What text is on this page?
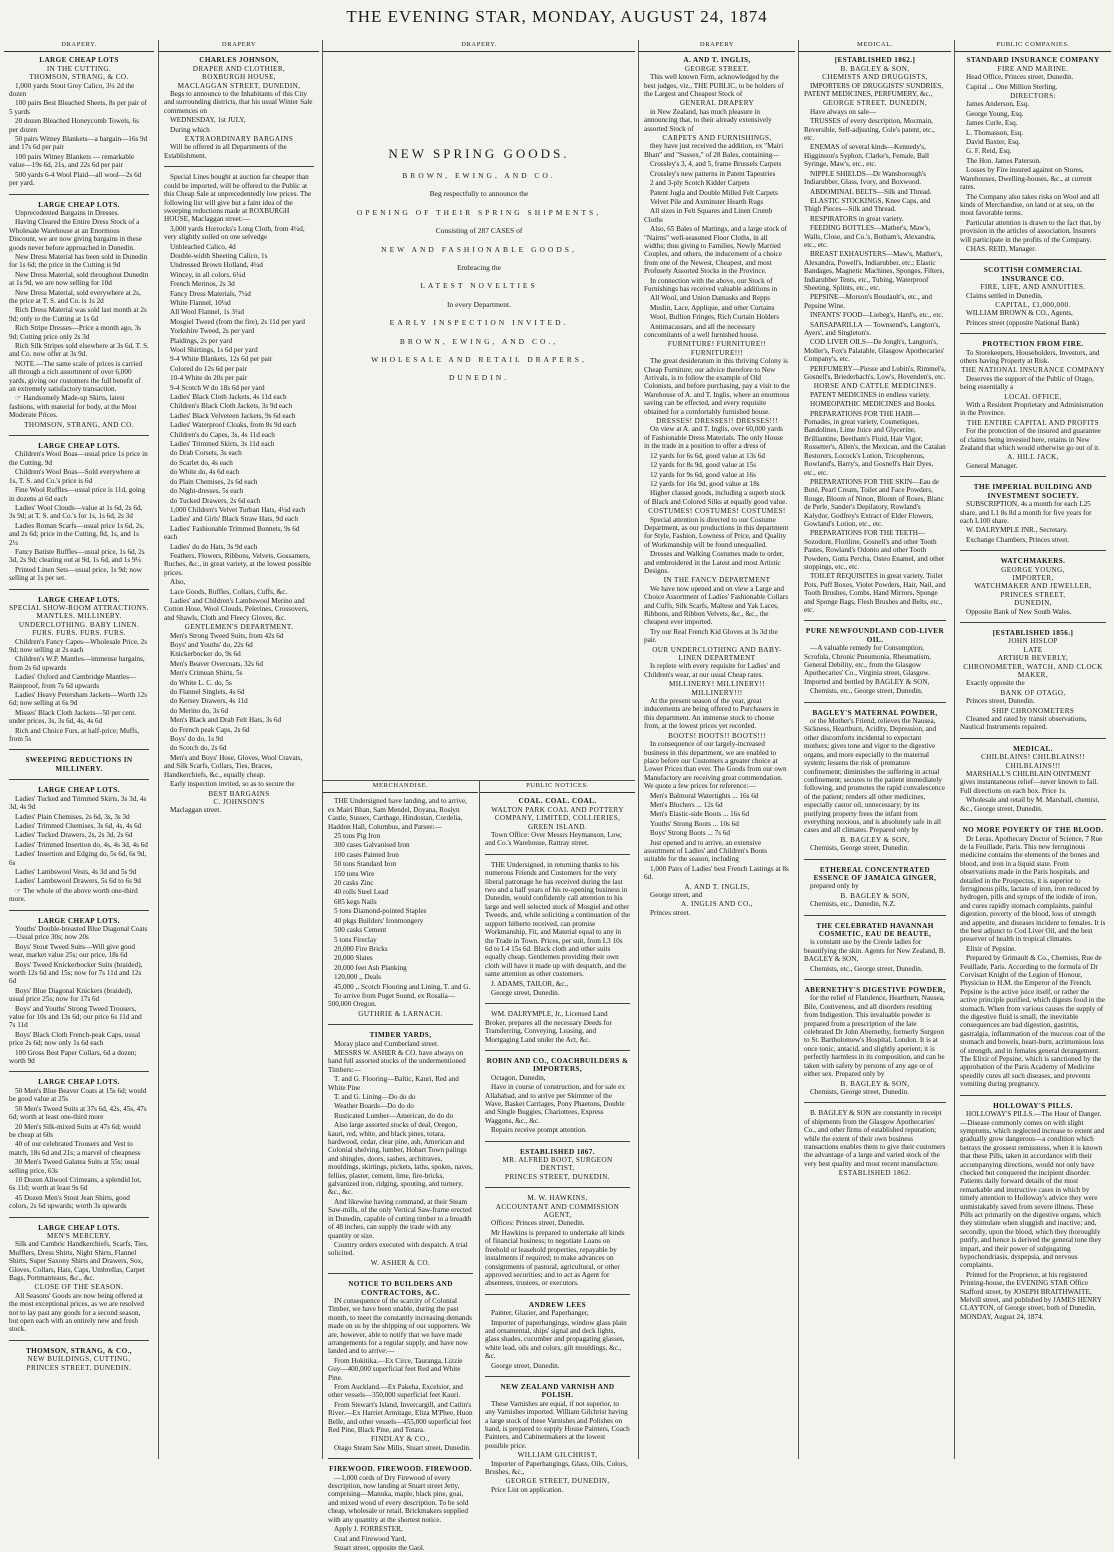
THE EVENING STAR, MONDAY, AUGUST 24, 1874
DRAPERY.
LARGE CHEAP LOTS
IN THE CUTTING.
THOMSON, STRANG, & CO.
1,000 yards Stout Grey Calico, 3¼ 2d the dozen
100 pairs Best Bleached Sheets, 8s per pair of 5 yards
20 dozen Bleached Honeycomb Towels, 6s per dozen
50 pairs Witney Blankets—a bargain—16s 9d and 17s 6d per pair
100 pairs Witney Blankets — remarkable value—19s 6d, 21s, and 22s 6d per pair
500 yards 6-4 Wool Plaid—all wool—2s 6d per yard.
LARGE CHEAP LOTS.
Unprecedented Bargains in Dresses.
Having Cleared the Entire Dress Stock of a Wholesale Warehouse at an Enormous Discount, we are now giving bargains in these goods never before approached in Dunedin.
New Dress Material has been sold in Dunedin for 1s 6d; the price in the Cutting is 9d
New Dress Material, sold throughout Dunedin at 1s 9d, we are now selling for 10d
New Dress Material, sold everywhere at 2s, the price at T. S. and Co. is 1s 2d
Rich Dress Material was sold last month at 2s 9d; only to the Cutting at 1s 6d
Rich Stripe Dresses—Price a month ago, 3s 9d; Cutting price only 2s 3d
Rich Silk Stripes sold elsewhere at 3s 6d, T. S. and Co. now offer at 3s 9d.
NOTE.—The same scale of prices is carried all through a rich assortment of over 6,000 yards, giving our customers the full benefit of an extremely satisfactory transaction.
☞ Handsomely Made-up Skirts, latest fashions, with material for body, at the Most Moderate Prices.
THOMSON, STRANG, AND CO.
LARGE CHEAP LOTS.
Children's Wool Boas—usual price 1s price in the Cutting, 9d
Children's Wool Boas—Sold everywhere at 1s, T. S. and Co.'s price is 6d
Fine Wool Ruffles—usual price is 11d, going in dozens at 6d each
Ladies' Wool Clouds—value at 1s 6d, 2s 6d, 3s 9d; at T. S. and Co.'s for 1s, 1s 6d, 2s 3d
Ladies Roman Scarfs—usual price 1s 6d, 2s, and 2s 6d; price in the Cutting, 8d, 1s, and 1s 2¼
Fancy Batiste Ruffles—usual price, 1s 6d, 2s 3d, 2s 9d; clearing out at 9d, 1s 6d, and 1s 9¼
Printed Linen Sets—usual price, 1s 9d; now selling at 1s per set.
LARGE CHEAP LOTS.
SPECIAL SHOW-ROOM ATTRACTIONS.
MANTLES. MILLINERY.
UNDERCLOTHING. BABY LINEN.
FURS. FURS. FURS. FURS.
Children's Fancy Capes—Wholesale Price, 2s 9d; now selling at 2s each
Children's W.P. Mantles—immense bargains, from 2s 6d upwards
Ladies' Oxford and Cambridge Mantles—Rainproof, from 7s 6d upwards
Ladies' Heavy Petersham Jackets—Worth 12s 6d; now selling at 6s 9d
Misses' Black Cloth Jackets—50 per cent. under prices, 3s, 3s 6d, 4s, 4s 6d
Rich and Choice Furs, at half-price; Muffs, from 5s
SWEEPING REDUCTIONS IN MILLINERY.
LARGE CHEAP LOTS.
Ladies' Tucked and Trimmed Skirts, 3s 3d, 4s 3d, 4s 9d
Ladies' Plain Chemises, 2s 6d, 3s, 3s 3d
Ladies' Trimmed Chemises, 3s 6d, 4s, 4s 6d
Ladies' Tucked Drawers, 2s, 2s 3d, 2s 6d
Ladies' Trimmed Insertion do, 4s, 4s 3d, 4s 6d
Ladies' Insertion and Edging do, 5s 6d, 6s 9d, 6s
Ladies' Lambswool Vests, 4s 3d and 5s 9d
Ladies' Lambswool Drawers, 5s 6d to 6s 9d
☞ The whole of the above worth one-third more.
LARGE CHEAP LOTS.
Youths' Double-breasted Blue Diagonal Coats—Usual price 30s; now 20s
Boys' Stout Tweed Suits—Will give good wear, market value 25s; our price, 18s 6d
Boys' Tweed Knickerbocker Suits (braided), worth 12s 6d and 15s; now for 7s 11d and 12s 6d
Boys' Blue Diagonal Knickers (braided), usual price 25s; now for 17s 6d
Boys' and Youths' Strong Tweed Trousers, value for 10s and 13s 6d; our price 6s 11d and 7s 11d
Boys' Black Cloth French-peak Caps, usual price 2s 6d; now only 1s 6d each
100 Gross Best Paper Collars, 6d a dozen; worth 9d
LARGE CHEAP LOTS.
50 Men's Blue Beaver Coats at 15s 6d; would be good value at 25s
50 Men's Tweed Suits at 37s 6d, 42s, 45s, 47s 6d; worth at least one-third more
20 Men's Silk-mixed Suits at 47s 6d; would be cheap at 60s
40 of our celebrated Trousers and Vest to match, 18s 6d and 21s; a marvel of cheapness
30 Men's Tweed Galatea Suits at 55s; usual selling price, 63s
10 Dozen Allwool Crimeans, a splendid lot, 6s 11d; worth at least 9s 6d
45 Dozen Men's Stout Jean Shirts, good colors, 2s 6d upwards; worth 3s upwards
LARGE CHEAP LOTS.
MEN'S MERCERY.
Silk and Cambric Handkerchiefs, Scarfs, Ties, Mufflers, Dress Shirts, Night Shirts, Flannel Shirts, Super Saxony Shirts and Drawers, Sox, Gloves, Collars, Hats, Caps, Umbrellas, Carpet Bags, Portmanteaus, &c., &c.
CLOSE OF THE SEASON.
All Seasons' Goods are now being offered at the most exceptional prices, as we are resolved not to lay past any goods for a second season, but open each with an entirely new and fresh stock.
THOMSON, STRANG, & CO.,
NEW BUILDINGS, CUTTING,
PRINCES STREET, DUNEDIN.
DRAPERY
CHARLES JOHNSON,
DRAPER AND CLOTHIER,
ROXBURGH HOUSE,
MACLAGGAN STREET, DUNEDIN,
Begs to announce to the Inhabitants of this City and surrounding districts, that his usual Winter Sale commences on
WEDNESDAY, 1st JULY,
During which
EXTRAORDINARY BARGAINS
Will be offered in all Departments of the Establishment.
Special Lines bought at auction far cheaper than could be imported, will be offered to the Public at this Cheap Sale at unprecedentedly low prices. The following list will give but a faint idea of the sweeping reductions made at ROXBURGH HOUSE, Maclaggan street:—
3,000 yards Horrocks's Long Cloth, from 4¼d, very slightly soiled on one selvedge
Unbleached Calico, 4d
Double-width Sheeting Calico, 1s
Undressed Brown Holland, 4¼d
Wincey, in all colors, 6¼d
French Merinos, 2s 3d
Fancy Dress Materials, 7¼d
White Flannel, 10¼d
All Wool Flannel, 1s 3¼d
Mosgiel Tweed (from the fire), 2s 11d per yard
Yorkshire Tweed, 2s per yard
Plaidings, 2s per yard
Wool Shirtings, 1s 6d per yard
9-4 White Blankets, 12s 6d per pair
Colored do 12s 6d per pair
10-4 White do 20s per pair
9-4 Scotch W do 18s 6d per yard
Ladies' Black Cloth Jackets, 4s 11d each
Children's Black Cloth Jackets, 3s 9d each
Ladies' Black Velveteen Jackets, 9s 6d each
Ladies' Waterproof Cloaks, from 8s 9d each
Children's do Capes, 3s, 4s 11d each
Ladies' Trimmed Skirts, 3s 11d each
do Drab Corsets, 3s each
do Scarlet do, 4s each
do White do, 4s 6d each
do Plain Chemises, 2s 6d each
do Night-dresses, 5s each
do Tucked Drawers, 2s 6d each
1,000 Children's Velvet Turban Hats, 4¼d each
Ladies' and Girls' Black Straw Hats, 9d each
Ladies' Fashionable Trimmed Bonnets, 9s 6d each
Ladies' do do Hats, 3s 9d each
Feathers, Flowers, Ribbons, Velvets, Gossamers, Ruches, &c., in great variety, at the lowest possible prices.
Also,
Lace Goods, Ruffles, Collars, Cuffs, &c.
Ladies' and Children's Lambswool Merino and Cotton Hose, Wool Clouds, Pelerines, Crossovers, and Shawls, Cloth and Fleecy Gloves, &c.
GENTLEMEN'S DEPARTMENT.
Men's Strong Tweed Suits, from 42s 6d
Boys' and Youths' do, 22s 6d
Knickerbocker do, 9s 6d
Men's Beaver Overcoats, 32s 6d
Men's Crimean Shirts, 5s
do White L. C. do, 5s
do Flannel Singlets, 4s 6d
do Kersey Drawers, 4s 11d
do Merino do, 3s 6d
Men's Black and Drab Felt Hats, 3s 6d
do French peak Caps, 2s 6d
Boys' do do, 1s 9d
do Scotch do, 2s 6d
Men's and Boys' Hose, Gloves, Wool Cravats, and Silk Scarfs, Collars, Ties, Braces, Handkerchiefs, &c., equally cheap.
Early inspection invited, so as to secure the
BEST BARGAINS
C. JOHNSON'S
Maclaggan street.
DRAPERY.
NEW SPRING GOODS.
BROWN, EWING, AND CO.
Beg respectfully to announce the
OPENING OF THEIR SPRING SHIPMENTS,
Consisting of 287 CASES of
NEW AND FASHIONABLE GOODS,
Embracing the
LATEST NOVELTIES
In every Department.
EARLY INSPECTION INVITED.
BROWN, EWING, AND CO.,
WHOLESALE AND RETAIL DRAPERS,
DUNEDIN.
MERCHANDISE.
THE Undersigned have landing, and to arrive, ex Mairi Bhan, Sam Mendel, Doyana, Roslyn Castle, Sussex, Carthage, Hindostan, Cordelia, Haddon Hall, Columbus, and Parsee:—
25 tons Pig Iron
300 cases Galvanised Iron
100 cases Painted Iron
50 tons Standard Iron
150 tons Wire
20 casks Zinc
40 rolls Steel Lead
685 kegs Nails
5 tons Diamond-pointed Staples
40 pkgs Builders' Ironmongery
500 casks Cement
5 tons Fireclay
20,000 Fire Bricks
20,000 Slates
20,000 feet Ash Planking
120,000 ,, Deals
45,000 ,, Scotch Flooring and Lining, T. and G.
To arrive from Puget Sound, ex Rosalia—500,000 Oregon.
GUTHRIE & LARNACH.
TIMBER YARDS,
Moray place and Cumberland street.
MESSRS W. ASHER & CO. have always on hand full assorted stocks of the undermentioned Timbers:—
T. and G. Flooring—Baltic, Kauri, Red and White Pine
T. and G. Lining—Do do do
Weather Boards—Do do do
Rusticated Lumber—American, do do do
Also large assorted stocks of deal, Oregon, kauri, red, white, and black pines, totara, hardwood, cedar, clear pine, ash, American and Colonial shelving, lumber, Hobart Town palings and shingles, doors, sashes, architraves, mouldings, skirtings, pickets, laths, spokes, naves, fellies, plaster, cement, lime, fire-bricks, galvanized iron, ridging, spouting, and turnery, &c., &c.
And likewise having command, at their Steam Saw-mills, of the only Vertical Saw-frame erected in Dunedin, capable of cutting timber to a breadth of 48 inches, can supply the trade with any quantity or size.
Country orders executed with despatch. A trial solicited.
W. ASHER & CO.
NOTICE TO BUILDERS AND CONTRACTORS, &C.
IN consequence of the scarcity of Colonial Timber, we have been unable, during the past month, to meet the constantly increasing demands made on us by the shipping of our supporters. We are, however, able to notify that we have made arrangements for a regular supply, and have now landed and to arrive:—
From Hokitika.—Ex Circe, Tauranga, Lizzie Guy—400,000 superficial feet Red and White Pine.
From Auckland.—Ex Pakeha, Excelsior, and other vessels—350,000 superficial feet Kauri.
From Stewart's Island, Invercargill, and Catlin's River.—Ex Harriet Armitage, Eliza M'Phee, Huon Belle, and other vessels—455,000 superficial feet Red Pine, Black Pine, and Totara.
FINDLAY & CO.,
Otago Steam Saw Mills, Stuart street, Dunedin.
FIREWOOD. FIREWOOD. FIREWOOD.
—1,000 cords of Dry Firewood of every description, now landing at Stuart street Jetty, comprising—Manuka, maple, black pine, goai, and mixed wood of every description. To be sold cheap, wholesale or retail. Brickmakers supplied with any quantity at the shortest notice.
Apply J. FORRESTER,
Coal and Firewood Yard,
Stuart street, opposite the Gaol.
PUBLIC NOTICES.
COAL. COAL. COAL.
WALTON PARK COAL AND POTTERY COMPANY, LIMITED, COLLIERIES,
GREEN ISLAND.
Town Office: Over Messrs Heymanson, Low, and Co.'s Warehouse, Rattray street.
THE Undersigned, in returning thanks to his numerous Friends and Customers for the very liberal patronage he has received during the last two and a half years of his re-opening business in Dunedin, would confidently call attention to his large and well selected stock of Mosgiel and other Tweeds, and, while soliciting a continuation of the support hitherto received, can promise Workmanship, Fit, and Material equal to any in the Trade in Town. Prices, per suit, from L3 10s 6d to L4 15s 6d. Black cloth and other suits equally cheap. Gentlemen providing their own cloth will have it made up with despatch, and the same attention as other customers.
J. ADAMS, TAILOR, &c.,
George street, Dunedin.
WM. DALRYMPLE, Jr., Licensed Land Broker, prepares all the necessary Deeds for Transferring, Conveying, Leasing, and Mortgaging Land under the Act, &c.
ROBIN AND CO., COACHBUILDERS & IMPORTERS,
Octagon, Dunedin,
Have in course of construction, and for sale ex Allahabad, and to arrive per Skimmer of the Wave, Basket Carriages, Pony Phaetons, Double and Single Buggies, Chariottees, Express Waggons, &c., &c.
Repairs receive prompt attention.
ESTABLISHED 1867.
MR. ALFRED BOOT, SURGEON DENTIST,
PRINCES STREET, DUNEDIN.
M. W. HAWKINS,
ACCOUNTANT AND COMMISSION AGENT,
Offices: Princes street, Dunedin.
Mr Hawkins is prepared to undertake all kinds of financial business; to negotiate Loans on freehold or leasehold properties, repayable by instalments if required; to make advances on consignments of pastoral, agricultural, or other approved securities; and to act as Agent for absentees, trustees, or executors.
ANDREW LEES
Painter, Glazier, and Paperhanger,
Importer of paperhangings, window glass plain and ornamental, ships' signal and deck lights, glass shades, cucumber and propagating glasses, white lead, oils and colors, gilt mouldings, &c., &c.
George street, Dunedin.
NEW ZEALAND VARNISH AND POLISH.
These Varnishes are equal, if not superior, to any Varnishes imported. William Gilchrist having a large stock of these Varnishes and Polishes on hand, is prepared to supply House Painters, Coach Painters, and Cabinetmakers at the lowest possible price.
WILLIAM GILCHRIST,
Importer of Paperhangings, Glass, Oils, Colors, Brushes, &c.,
GEORGE STREET, DUNEDIN,
Price List on application.
DRAPERY
A. AND T. INGLIS,
GEORGE STREET.
This well known Firm, acknowledged by the best judges, viz., THE PUBLIC, to be holders of the Largest and Cheapest Stock of
GENERAL DRAPERY
in New Zealand, has much pleasure in announcing that, to their already extensively assorted Stock of
CARPETS AND FURNISHINGS,
they have just received the addition, ex "Mairi Bhan" and "Sussex," of 28 Bales, containing—
Crossley's 3, 4, and 5, frame Brussels Carpets
Crossley's new patterns in Patent Tapestries
2 and 3-ply Scotch Kidder Carpets
Patent Jugla and Double Milled Felt Carpets
Velvet Pile and Axminster Hearth Rugs
All sizes in Felt Squares and Linen Crumb Cloths
Also, 65 Bales of Mattings, and a large stock of "Nairns" well-seasoned Floor Cloths, in all widths; thus giving to Families, Newly Married Couples, and others, the inducement of a choice from one of the Newest, Cheapest, and most Profusely Assorted Stocks in the Province.
In connection with the above, our Stock of Furnishings has received valuable additions in
All Wool, and Union Damasks and Repps
Muslin, Lace, Applique, and other Curtains
Wool, Bullion Fringes, Rich Curtain Holders
Antimacassars, and all the necessary concomitants of a well furnished house.
FURNITURE! FURNITURE!! FURNITURE!!!
The great desideratum in this thriving Colony is Cheap Furniture; our advice therefore to New Arrivals, is to follow the example of Old Colonists, and before purchasing, pay a visit to the Warehouse of A. and T. Inglis, where an enormous saving can be effected, and every requisite obtained for a comfortably furnished house.
DRESSES! DRESSES!! DRESSES!!!
On view at A. and T. Inglis, over 60,000 yards of Fashionable Dress Materials. The only House in the trade in a position to offer a dress of
12 yards for 6s 6d, good value at 13s 6d
12 yards for 8s 9d, good value at 15s
12 yards for 9s 6d, good value at 16s
12 yards for 16s 9d, good value at 18s
Higher classed goods, including a superb stock of Black and Colored Silks at equally good value.
COSTUMES! COSTUMES! COSTUMES!
Special attention is directed to our Costume Department, as our productions in this department for Style, Fashion, Lowness of Price, and Quality of Workmanship will be found unequalled.
Dresses and Walking Costumes made to order, and embroidered in the Latest and most Artistic Designs.
IN THE FANCY DEPARTMENT
We have now opened and on view a Large and Choice Assortment of Ladies' Fashionable Collars and Cuffs, Silk Scarfs, Maltese and Yak Laces, Ribbons, and Ribbon Velvets, &c., &c., the cheapest ever imported.
Try our Real French Kid Gloves at 3s 3d the pair.
OUR UNDERCLOTHING AND BABY-LINEN DEPARTMENT
Is replete with every requisite for Ladies' and Children's wear, at our usual Cheap rates.
MILLINERY! MILLINERY!! MILLINERY!!!
At the present season of the year, great inducements are being offered to Purchasers in this department. An immense stock to choose from, at the lowest prices yet recorded.
BOOTS! BOOTS!! BOOTS!!!
In consequence of our largely-increased business in this department, we are enabled to place before our Customers a greater choice at Lower Prices than ever. The Goods from our own Manufactory are receiving great commendation. We quote a few prices for reference:—
Men's Balmoral Watertights ... 16s 6d
Men's Bluchers ... 12s 6d
Men's Elastic-side Boots ... 16s 6d
Youths' Strong Boots ... 10s 6d
Boys' Strong Boots ... 7s 6d
Just opened and to arrive, an extensive assortment of Ladies' and Children's Boots suitable for the season, including
1,000 Pairs of Ladies' best French Lastings at 8s 6d.
A. AND T. INGLIS,
George street, and
A. INGLIS AND CO.,
Princes street.
MEDICAL.
[ESTABLISHED 1862.]
B. BAGLEY & SON,
CHEMISTS AND DRUGGISTS,
IMPORTERS OF DRUGGISTS' SUNDRIES, PATENT MEDICINES, PERFUMERY, &c.,
GEORGE STREET, DUNEDIN,
Have always on sale—
TRUSSES of every description, Mocmain, Reversible, Self-adjusting, Cole's patent, etc., etc.
ENEMAS of several kinds—Kennedy's, Higginson's Syphon, Clarke's, Female, Ball Syringe, Maw's, etc., etc.
NIPPLE SHIELDS—Dr Wansborough's Indiarubber, Glass, Ivory, and Boxwood.
ABDOMINAL BELTS—Silk and Thread.
ELASTIC STOCKINGS, Knee Caps, and Thigh Pieces—Silk and Thread.
RESPIRATORS in great variety.
FEEDING BOTTLES—Mather's, Maw's, Walls, Close, and Co.'s, Botham's, Alexandra, etc., etc.
BREAST EXHAUSTERS—Maw's, Mather's, Alexandra, Powell's, Indiarubber, etc.; Elastic Bandages, Magnetic Machines, Sponges, Filters, Indiarubber Tents, etc., Tubing, Waterproof Sheeting, Splints, etc., etc.
PEPSINE—Morson's Boudault's, etc., and Pepsine Wine.
INFANTS' FOOD—Liebeg's, Hard's, etc., etc.
SARSAPARILLA — Townsend's, Langton's, Ayers', and Singleton's.
COD LIVER OILS—De Jongh's, Langton's, Moller's, Fox's Palatable, Glasgow Apothecaries' Company's, etc.
PERFUMERY—Piesse and Lubin's, Rimmel's, Gosnell's, Briederbach's, Low's, Hovenden's, etc.
HORSE AND CATTLE MEDICINES.
PATENT MEDICINES in endless variety.
HOMEOPATHIC MEDICINES and Books.
PREPARATIONS FOR THE HAIR—Pomades, in great variety, Cosmetiques, Bandolines, Lime Juice and Glycerine, Brilliantine, Beetham's Fluid, Hair Vigor, Rossetter's, Allen's, the Mexican, and the Catalan Restorers, Locock's Lotion, Tricopherous, Rowland's, Barry's, and Gosnell's Hair Dyes, etc., etc.
PREPARATIONS FOR THE SKIN—Eau de Buté, Pearl Cream, Toilet and Face Powders, Rouge, Bloom of Ninon, Bloom of Roses, Blanc de Perle, Sander's Depilatory, Rowland's Kalydor, Godfrey's Extract of Elder Flowers, Gowland's Lotion, etc., etc.
PREPARATIONS FOR THE TEETH—Sozodont, Floriline, Gosnell's and other Tooth Pastes, Rowland's Odonto and other Tooth Powders, Gutta Percha, Osteo Enamel, and other stoppings, etc., etc.
TOILET REQUISITES in great variety. Toilet Pots, Puff Boxes, Violet Powders, Hair, Nail, and Tooth Brushes, Combs, Hand Mirrors, Sponge and Sponge Bags, Flesh Brushes and Belts, etc., etc.
PURE NEWFOUNDLAND COD-LIVER OIL.
—A valuable remedy for Consumption, Scrofula, Chronic Pneumonia, Rheumatism, General Debility, etc., from the Glasgow Apothecaries' Co., Virginia street, Glasgow. Imported and bottled by BAGLEY & SON,
Chemists, etc., George street, Dunedin.
BAGLEY'S MATERNAL POWDER,
or the Mother's Friend, relieves the Nausea, Sickness, Heartburn, Acidity, Depression, and other discomforts incidental to expectant mothers; gives tone and vigor to the digestive organs, and more especially to the maternal system; lessens the risk of premature confinement; diminishes the suffering in actual confinement; secures to the patient immediately following, and promotes the rapid convalescence of the patient; renders all other medicines, especially castor oil, unnecessary; by its purifying property frees the infant from everything noxious, and is absolutely safe in all cases and all climates. Prepared only by
B. BAGLEY & SON,
Chemists, George street, Dunedin.
ETHEREAL CONCENTRATED ESSENCE OF JAMAICA GINGER,
prepared only by
B. BAGLEY & SON,
Chemists, etc., Dunedin, N.Z.
THE CELEBRATED HAVANNAH COSMETIC, EAU DE BEAUTE,
is constant use by the Creole ladies for beautifying the skin. Agents for New Zealand, B. BAGLEY & SON,
Chemists, etc., George street, Dunedin.
ABERNETHY'S DIGESTIVE POWDER,
for the relief of Flatulence, Heartburn, Nausea, Bile, Costiveness, and all disorders resulting from Indigestion. This invaluable powder is prepared from a prescription of the late celebrated Dr John Abernethy, formerly Surgeon to St. Bartholomew's Hospital, London. It is at once tonic, antacid, and slightly aperient; it is perfectly harmless in its composition, and can be taken with safety by persons of any age or of either sex. Prepared only by
B. BAGLEY & SON,
Chemists, George street, Dunedin.
B. BAGLEY & SON are constantly in receipt of shipments from the Glasgow Apothecaries' Co., and other firms of established reputation; while the extent of their own business transactions enables them to give their customers the advantage of a large and varied stock of the very best quality and most recent manufacture.
ESTABLISHED 1862.
PUBLIC COMPANIES.
STANDARD INSURANCE COMPANY
FIRE AND MARINE.
Head Office, Princes street, Dunedin.
Capital ... One Million Sterling.
DIRECTORS:
James Anderson, Esq.
George Young, Esq.
James Curle, Esq.
L. Thomasson, Esq.
David Baxter, Esq.
G. F. Reid, Esq.
The Hon. James Paterson.
Losses by Fire insured against on Stores, Warehouses, Dwelling-houses, &c., at current rates.
The Company also takes risks on Wool and all kinds of Merchandise, on land or at sea, on the most favorable terms.
Particular attention is drawn to the fact that, by provision in the articles of association, Insurers will participate in the profits of the Company.
CHAS. REID, Manager.
SCOTTISH COMMERCIAL INSURANCE CO.
FIRE, LIFE, AND ANNUITIES.
Claims settled in Dunedin,
CAPITAL, £1,000,000.
WILLIAM BROWN & CO., Agents,
Princes street (opposite National Bank)
PROTECTION FROM FIRE.
To Storekeepers, Householders, Investors, and others having Property at Risk.
THE NATIONAL INSURANCE COMPANY
Deserves the support of the Public of Otago, being essentially a
LOCAL OFFICE,
With a Resident Proprietary and Administration in the Province.
THE ENTIRE CAPITAL AND PROFITS
For the protection of the insured and guarantee of claims being invested here, retains in New Zealand that which would otherwise go out of it.
A. HILL JACK,
General Manager.
THE IMPERIAL BUILDING AND INVESTMENT SOCIETY.
SUBSCRIPTION, 4s a month for each L25 share, and L1 8s 8d a month for five years for each L100 share.
W. DALRYMPLE JNR., Secretary.
Exchange Chambers, Princes street.
WATCHMAKERS.
GEORGE YOUNG,
IMPORTER,
WATCHMAKER AND JEWELLER,
PRINCES STREET,
DUNEDIN,
Opposite Bank of New South Wales.
[ESTABLISHED 1856.]
JOHN HISLOP
LATE
ARTHUR BEVERLY,
CHRONOMETER, WATCH, AND CLOCK MAKER,
Exactly opposite the
BANK OF OTAGO,
Princes street, Dunedin.
SHIP CHRONOMETERS
Cleaned and rated by transit observations, Nautical Instruments repaired.
MEDICAL.
CHILBLAINS! CHILBLAINS!! CHILBLAINS!!!
MARSHALL'S CHILBLAIN OINTMENT gives instantaneous relief—never known to fail. Full directions on each box. Price 1s.
Wholesale and retail by M. Marshall, chemist, &c., George street, Dunedin.
NO MORE POVERTY OF THE BLOOD.
Dr Leras, Apothecary Doctor of Science, 7 Rue de la Feuillade, Paris. This new ferruginous medicine contains the elements of the bones and blood, and iron in a liquid state. From observations made in the Paris hospitals, and detailed in the Prospectus, it is superior to ferruginous pills, lactate of iron, iron reduced by hydrogen, pills and syrups of the iodide of iron, and cures rapidly stomach complaints, painful digestion, poverty of the blood, loss of strength and appetite, and diseases incident to females. It is the best adjunct to Cod Liver Oil, and the best preserver of health in tropical climates.
Elixir of Pepsine.
Prepared by Grimault & Co., Chemists, Rue de Feuillade, Paris. According to the formula of Dr Corvisart Knight of the Legion of Honour, Physician to H.M. the Emperor of the French. Pepsine is the active juice itself, or rather the active principle purified, which digests food in the stomach. When from various causes the supply of the digestive fluid is small, the inevitable consequences are bad digestion, gastritis, gastralgia, inflammation of the mucous coat of the stomach and bowels, heart-burn, acrimonious loss of strength, and in females general derangement. The Elixir of Pepsine, which is sanctioned by the approbation of the Paris Academy of Medicine speedily cures all such diseases, and prevents vomiting during pregnancy.
HOLLOWAY'S PILLS.
HOLLOWAY'S PILLS.—The Hour of Danger.—Disease commonly comes on with slight symptoms, which neglected increase to extent and gradually grow dangerous—a condition which betrays the grossest remissness, when it is known that these Pills, taken in accordance with their accompanying directions, would not only have checked but conquered the incipient disorder. Patients daily forward details of the most remarkable and instructive cases in which by timely attention to Holloway's advice they were unmistakably saved from severe illness. These Pills act primarily on the digestive organs, which they stimulate when sluggish and inactive; and, secondly, upon the blood, which they thoroughly purify, and hence is derived the general tone they impart, and their power of subjugating hypochondriasis, dyspepsia, and nervous complaints.
Printed for the Proprietor, at his registered Printing-house, the EVENING STAR Office Stafford street, by JOSEPH BRAITHWAITE, Melvill street, and published by JAMES HENRY CLAYTON, of George street, both of Dunedin, MONDAY, August 24, 1874.
